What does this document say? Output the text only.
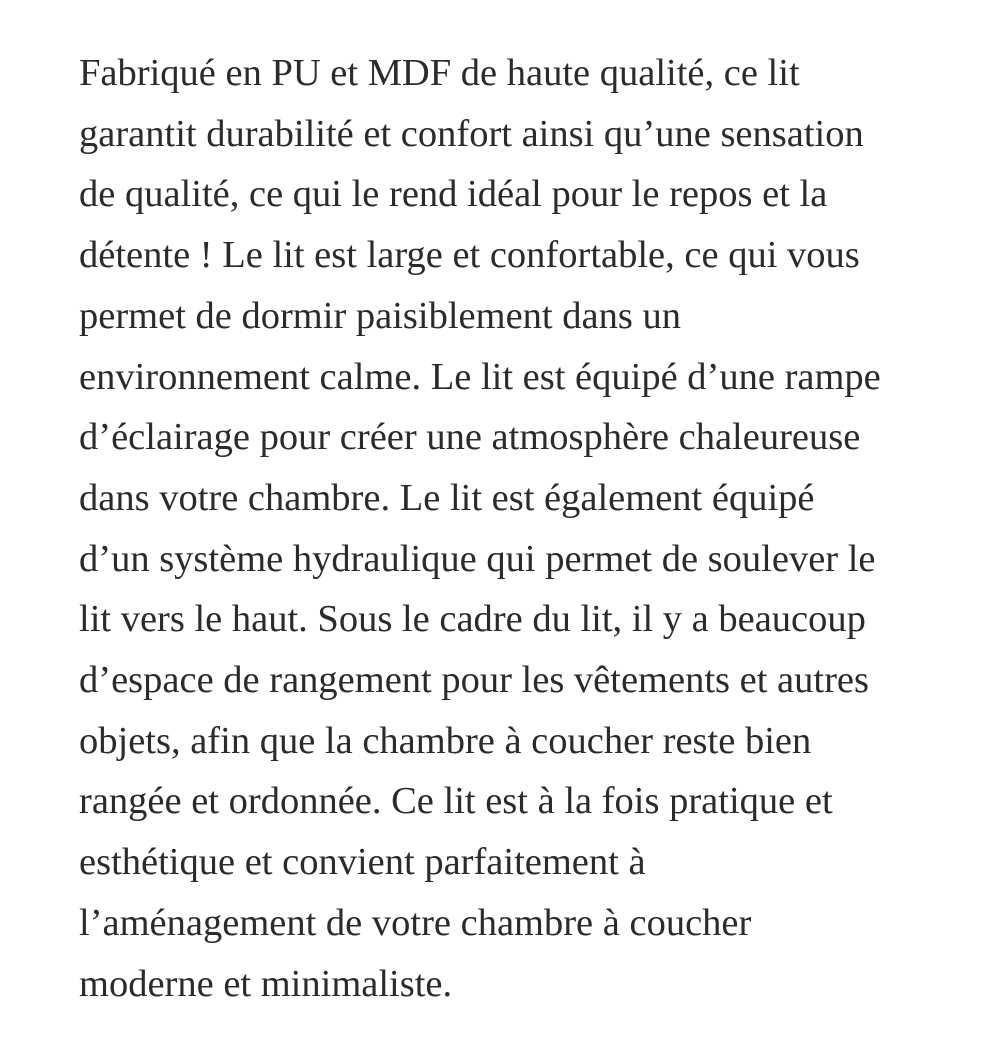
Fabriqué en PU et MDF de haute qualité, ce lit
garantit durabilité et confort ainsi qu’une sensation
de qualité, ce qui le rend idéal pour le repos et la
détente ! Le lit est large et confortable, ce qui vous
permet de dormir paisiblement dans un
environnement calme. Le lit est équipé d’une rampe
d’éclairage pour créer une atmosphère chaleureuse
dans votre chambre. Le lit est également équipé
d’un système hydraulique qui permet de soulever le
lit vers le haut. Sous le cadre du lit, il y a beaucoup
d’espace de rangement pour les vêtements et autres
objets, afin que la chambre à coucher reste bien
rangée et ordonnée. Ce lit est à la fois pratique et
esthétique et convient parfaitement à
l’aménagement de votre chambre à coucher
moderne et minimaliste.
